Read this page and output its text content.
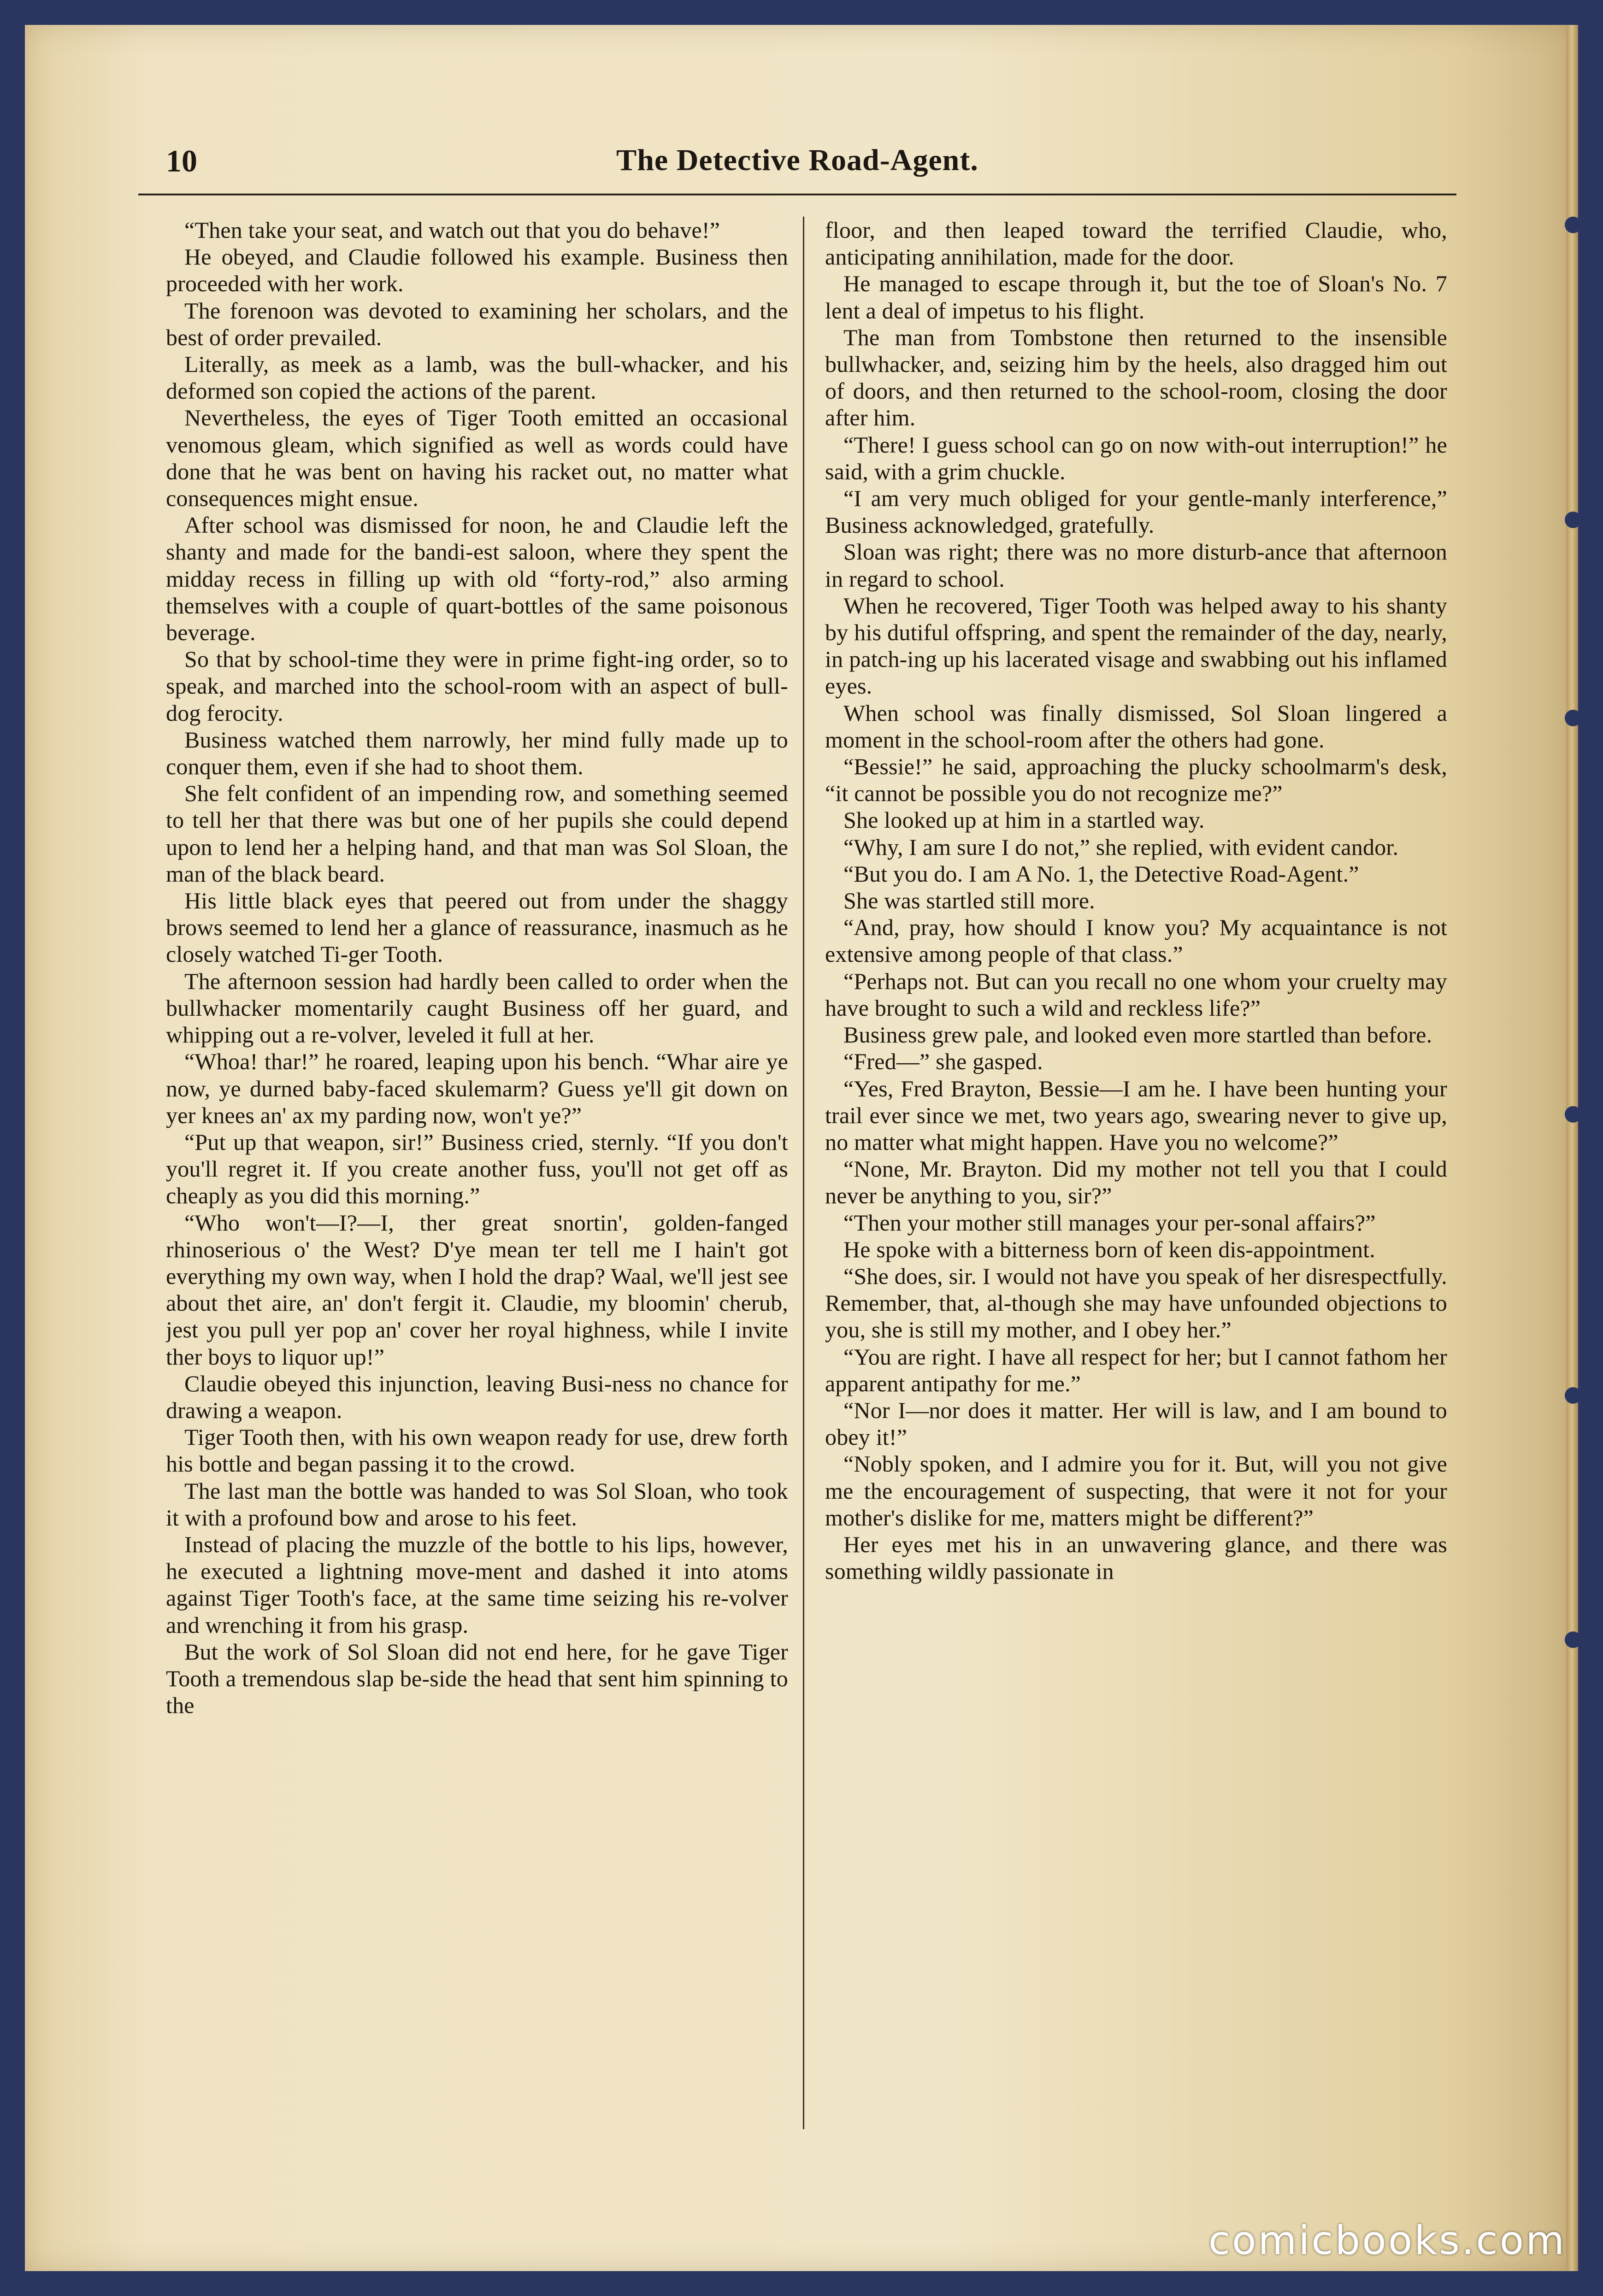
10	The Detective Road-Agent.

“Then take your seat, and watch out that you do behave!”

He obeyed, and Claudie followed his example. Business then proceeded with her work.

The forenoon was devoted to examining her scholars, and the best of order prevailed.

Literally, as meek as a lamb, was the bull-whacker, and his deformed son copied the actions of the parent.

Nevertheless, the eyes of Tiger Tooth emitted an occasional venomous gleam, which signified as well as words could have done that he was bent on having his racket out, no matter what consequences might ensue.

After school was dismissed for noon, he and Claudie left the shanty and made for the bandi-est saloon, where they spent the midday recess in filling up with old “forty-rod,” also arming themselves with a couple of quart-bottles of the same poisonous beverage.

So that by school-time they were in prime fight-ing order, so to speak, and marched into the school-room with an aspect of bull-dog ferocity.

Business watched them narrowly, her mind fully made up to conquer them, even if she had to shoot them.

She felt confident of an impending row, and something seemed to tell her that there was but one of her pupils she could depend upon to lend her a helping hand, and that man was Sol Sloan, the man of the black beard.

His little black eyes that peered out from under the shaggy brows seemed to lend her a glance of reassurance, inasmuch as he closely watched Ti-ger Tooth.

The afternoon session had hardly been called to order when the bullwhacker momentarily caught Business off her guard, and whipping out a re-volver, leveled it full at her.

“Whoa! thar!” he roared, leaping upon his bench. “Whar aire ye now, ye durned baby-faced skulemarm? Guess ye'll git down on yer knees an' ax my parding now, won't ye?”

“Put up that weapon, sir!” Business cried, sternly. “If you don't you'll regret it. If you create another fuss, you'll not get off as cheaply as you did this morning.”

“Who won't—I?—I, ther great snortin', golden-fanged rhinoserious o' the West? D'ye mean ter tell me I hain't got everything my own way, when I hold the drap? Waal, we'll jest see about thet aire, an' don't fergit it. Claudie, my bloomin' cherub, jest you pull yer pop an' cover her royal highness, while I invite ther boys to liquor up!”

Claudie obeyed this injunction, leaving Busi-ness no chance for drawing a weapon.

Tiger Tooth then, with his own weapon ready for use, drew forth his bottle and began passing it to the crowd.

The last man the bottle was handed to was Sol Sloan, who took it with a profound bow and arose to his feet.

Instead of placing the muzzle of the bottle to his lips, however, he executed a lightning move-ment and dashed it into atoms against Tiger Tooth's face, at the same time seizing his re-volver and wrenching it from his grasp.

But the work of Sol Sloan did not end here, for he gave Tiger Tooth a tremendous slap be-side the head that sent him spinning to the

floor, and then leaped toward the terrified Claudie, who, anticipating annihilation, made for the door.

He managed to escape through it, but the toe of Sloan's No. 7 lent a deal of impetus to his flight.

The man from Tombstone then returned to the insensible bullwhacker, and, seizing him by the heels, also dragged him out of doors, and then returned to the school-room, closing the door after him.

“There! I guess school can go on now with-out interruption!” he said, with a grim chuckle.

“I am very much obliged for your gentle-manly interference,” Business acknowledged, gratefully.

Sloan was right; there was no more disturb-ance that afternoon in regard to school.

When he recovered, Tiger Tooth was helped away to his shanty by his dutiful offspring, and spent the remainder of the day, nearly, in patch-ing up his lacerated visage and swabbing out his inflamed eyes.

When school was finally dismissed, Sol Sloan lingered a moment in the school-room after the others had gone.

“Bessie!” he said, approaching the plucky schoolmarm's desk, “it cannot be possible you do not recognize me?”

She looked up at him in a startled way.

“Why, I am sure I do not,” she replied, with evident candor.

“But you do. I am A No. 1, the Detective Road-Agent.”

She was startled still more.

“And, pray, how should I know you? My acquaintance is not extensive among people of that class.”

“Perhaps not. But can you recall no one whom your cruelty may have brought to such a wild and reckless life?”

Business grew pale, and looked even more startled than before.

“Fred—” she gasped.

“Yes, Fred Brayton, Bessie—I am he. I have been hunting your trail ever since we met, two years ago, swearing never to give up, no matter what might happen. Have you no welcome?”

“None, Mr. Brayton. Did my mother not tell you that I could never be anything to you, sir?”

“Then your mother still manages your per-sonal affairs?”

He spoke with a bitterness born of keen dis-appointment.

“She does, sir. I would not have you speak of her disrespectfully. Remember, that, al-though she may have unfounded objections to you, she is still my mother, and I obey her.”

“You are right. I have all respect for her; but I cannot fathom her apparent antipathy for me.”

“Nor I—nor does it matter. Her will is law, and I am bound to obey it!”

“Nobly spoken, and I admire you for it. But, will you not give me the encouragement of suspecting, that were it not for your mother's dislike for me, matters might be different?”

Her eyes met his in an unwavering glance, and there was something wildly passionate in

comicbooks.com
